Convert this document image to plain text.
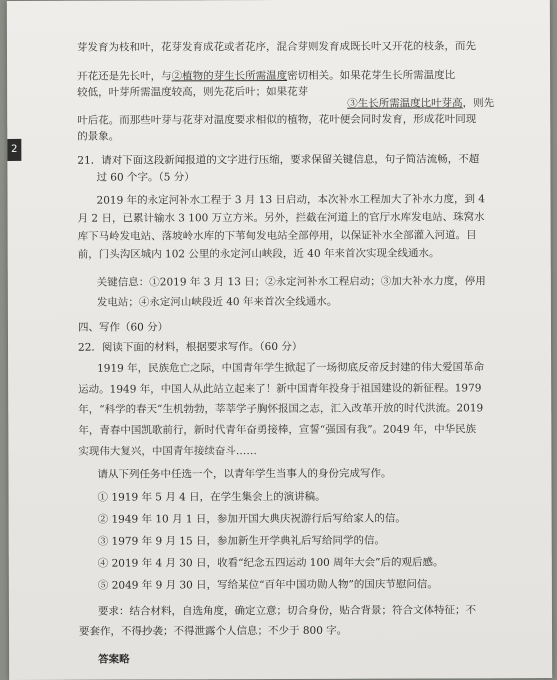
2
芽发育为枝和叶，花芽发育成花或者花序，混合芽则发育成既长叶又开花的枝条，而先
开花还是先长叶，与②植物的芽生长所需温度密切相关。如果花芽生长所需温度比
较低，叶芽所需温度较高，则先花后叶；如果花芽
③生长所需温度比叶芽高，则先
叶后花。而那些叶芽与花芽对温度要求相似的植物，花叶便会同时发育，形成花叶同现
的景象。
21．请对下面这段新闻报道的文字进行压缩，要求保留关键信息，句子简洁流畅，不超
过 60 个字。（5 分）
2019 年的永定河补水工程于 3 月 13 日启动，本次补水工程加大了补水力度，到 4
月 2 日，已累计输水 3 100 万立方米。另外，拦截在河道上的官厅水库发电站、珠窝水
库下马岭发电站、落坡岭水库的下苇甸发电站全部停用，以保证补水全部灌入河道。目
前，门头沟区城内 102 公里的永定河山峡段，近 40 年来首次实现全线通水。
关键信息：①2019 年 3 月 13 日；②永定河补水工程启动；③加大补水力度，停用
发电站；④永定河山峡段近 40 年来首次全线通水。
四、写作（60 分）
22．阅读下面的材料，根据要求写作。（60 分）
1919 年，民族危亡之际，中国青年学生掀起了一场彻底反帝反封建的伟大爱国革命
运动。1949 年，中国人从此站立起来了！新中国青年投身于祖国建设的新征程。1979
年，“科学的春天”生机勃勃，莘莘学子胸怀报国之志，汇入改革开放的时代洪流。2019
年，青春中国凯歌前行，新时代青年奋勇接棒，宣誓“强国有我”。2049 年，中华民族
实现伟大复兴，中国青年接续奋斗……
请从下列任务中任选一个，以青年学生当事人的身份完成写作。
① 1919 年 5 月 4 日，在学生集会上的演讲稿。
② 1949 年 10 月 1 日，参加开国大典庆祝游行后写给家人的信。
③ 1979 年 9 月 15 日，参加新生开学典礼后写给同学的信。
④ 2019 年 4 月 30 日，收看“纪念五四运动 100 周年大会”后的观后感。
⑤ 2049 年 9 月 30 日，写给某位“百年中国功勋人物”的国庆节慰问信。
要求：结合材料，自选角度，确定立意；切合身份，贴合背景；符合文体特征；不
要套作，不得抄袭；不得泄露个人信息；不少于 800 字。
答案略
